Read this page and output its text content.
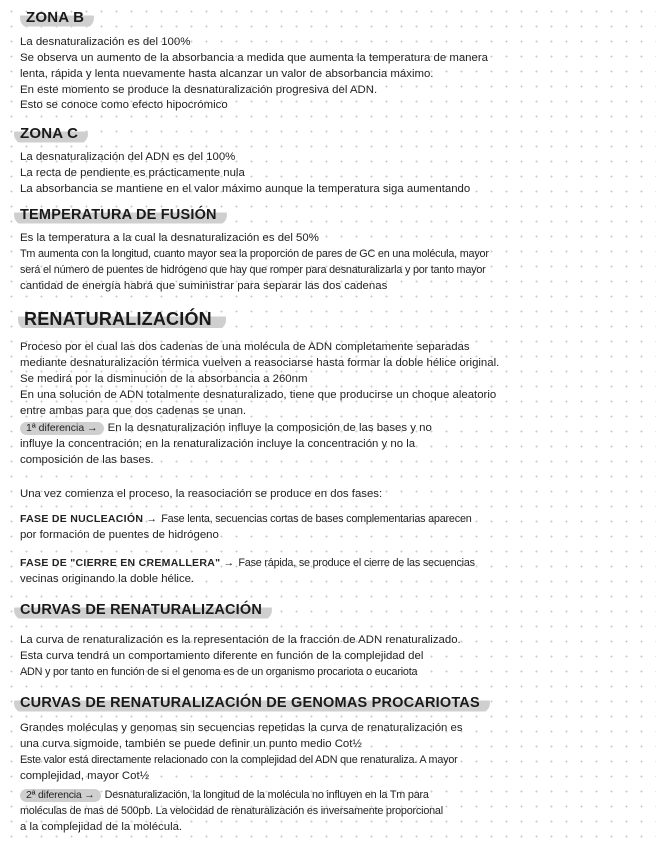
ZONA B
La desnaturalización es del 100%
Se observa un aumento de la absorbancia a medida que aumenta la temperatura de manera
lenta, rápida y lenta nuevamente hasta alcanzar un valor de absorbancia máximo.
En este momento se produce la desnaturalización progresiva del ADN.
Esto se conoce como efecto hipocrómico
ZONA C
La desnaturalización del ADN es del 100%
La recta de pendiente es prácticamente nula
La absorbancia se mantiene en el valor máximo aunque la temperatura siga aumentando
TEMPERATURA DE FUSIÓN
Es la temperatura a la cual la desnaturalización es del 50%
Tm aumenta con la longitud, cuanto mayor sea la proporción de pares de GC en una molécula, mayor
será el número de puentes de hidrógeno que hay que romper para desnaturalizarla y por tanto mayor
cantidad de energía habrá que suministrar para separar las dos cadenas
RENATURALIZACIÓN
Proceso por el cual las dos cadenas de una molécula de ADN completamente separadas
mediante desnaturalización térmica vuelven a reasociarse hasta formar la doble hélice original.
Se medirá por la disminución de la absorbancia a 260nm
En una solución de ADN totalmente desnaturalizado, tiene que producirse un choque aleatorio
entre ambas para que dos cadenas se unan.
1ª diferencia → En la desnaturalización influye la composición de las bases y no
influye la concentración; en la renaturalización incluye la concentración y no la
composición de las bases.
Una vez comienza el proceso, la reasociación se produce en dos fases:
FASE DE NUCLEACIÓN → Fase lenta, secuencias cortas de bases complementarias aparecen
por formación de puentes de hidrógeno
FASE DE "CIERRE EN CREMALLERA" → Fase rápida, se produce el cierre de las secuencias
vecinas originando la doble hélice.
CURVAS DE RENATURALIZACIÓN
La curva de renaturalización es la representación de la fracción de ADN renaturalizado.
Esta curva tendrá un comportamiento diferente en función de la complejidad del
ADN y por tanto en función de si el genoma es de un organismo procariota o eucariota
CURVAS DE RENATURALIZACIÓN DE GENOMAS PROCARIOTAS
Grandes moléculas y genomas sin secuencias repetidas la curva de renaturalización es
una curva sigmoide, también se puede definir un punto medio Cot½
Este valor está directamente relacionado con la complejidad del ADN que renaturaliza. A mayor
complejidad, mayor Cot½
2ª diferencia → Desnaturalización, la longitud de la molécula no influyen en la Tm para
moléculas de mas de 500pb. La velocidad de renaturalización es inversamente proporcional
a la complejidad de la molécula.
